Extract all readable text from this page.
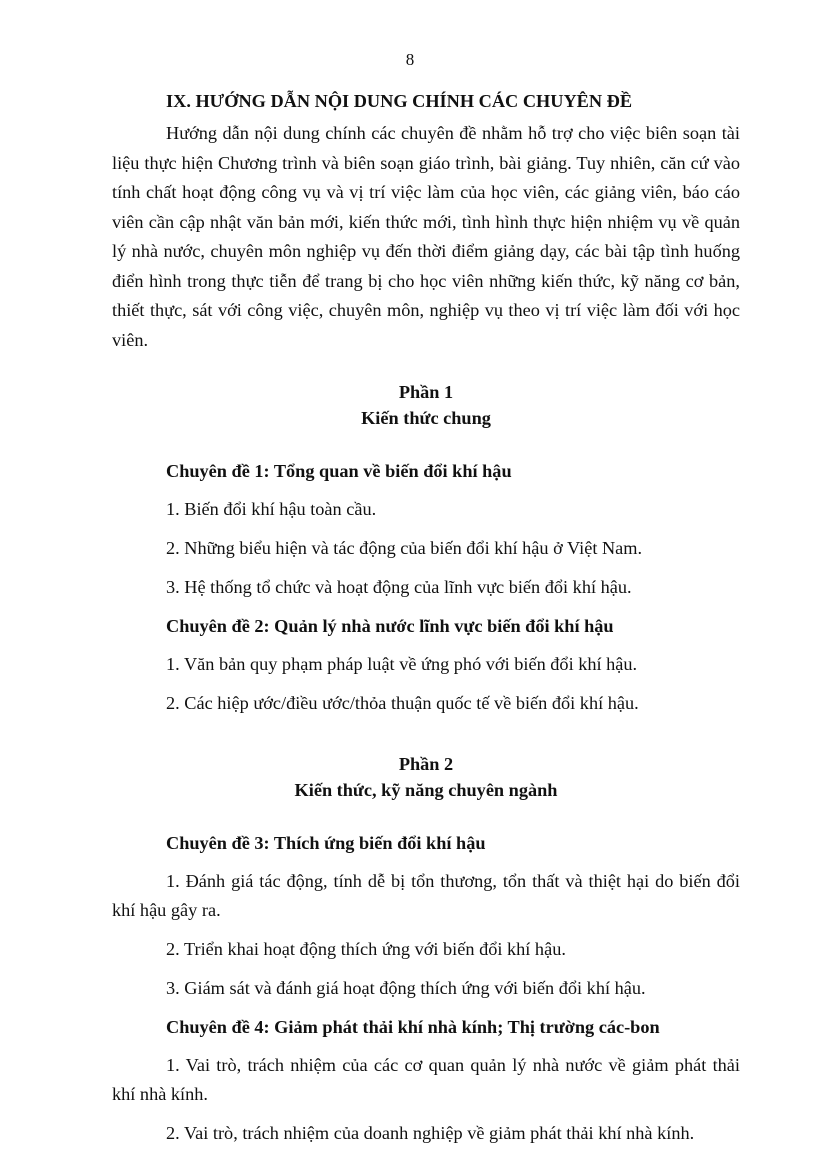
8

IX. HƯỚNG DẪN NỘI DUNG CHÍNH CÁC CHUYÊN ĐỀ

Hướng dẫn nội dung chính các chuyên đề nhằm hỗ trợ cho việc biên soạn tài liệu thực hiện Chương trình và biên soạn giáo trình, bài giảng. Tuy nhiên, căn cứ vào tính chất hoạt động công vụ và vị trí việc làm của học viên, các giảng viên, báo cáo viên cần cập nhật văn bản mới, kiến thức mới, tình hình thực hiện nhiệm vụ về quản lý nhà nước, chuyên môn nghiệp vụ đến thời điểm giảng dạy, các bài tập tình huống điển hình trong thực tiễn để trang bị cho học viên những kiến thức, kỹ năng cơ bản, thiết thực, sát với công việc, chuyên môn, nghiệp vụ theo vị trí việc làm đối với học viên.

Phần 1

Kiến thức chung

Chuyên đề 1: Tổng quan về biến đổi khí hậu

1. Biến đổi khí hậu toàn cầu.

2. Những biểu hiện và tác động của biến đổi khí hậu ở Việt Nam.

3. Hệ thống tổ chức và hoạt động của lĩnh vực biến đổi khí hậu.

Chuyên đề 2: Quản lý nhà nước lĩnh vực biến đổi khí hậu

1. Văn bản quy phạm pháp luật về ứng phó với biến đổi khí hậu.

2. Các hiệp ước/điều ước/thỏa thuận quốc tế về biến đổi khí hậu.

Phần 2

Kiến thức, kỹ năng chuyên ngành

Chuyên đề 3: Thích ứng biến đổi khí hậu

1. Đánh giá tác động, tính dễ bị tổn thương, tổn thất và thiệt hại do biến đổi khí hậu gây ra.

2. Triển khai hoạt động thích ứng với biến đổi khí hậu.

3. Giám sát và đánh giá hoạt động thích ứng với biến đổi khí hậu.

Chuyên đề 4: Giảm phát thải khí nhà kính; Thị trường các-bon

1. Vai trò, trách nhiệm của các cơ quan quản lý nhà nước về giảm phát thải khí nhà kính.

2. Vai trò, trách nhiệm của doanh nghiệp về giảm phát thải khí nhà kính.
